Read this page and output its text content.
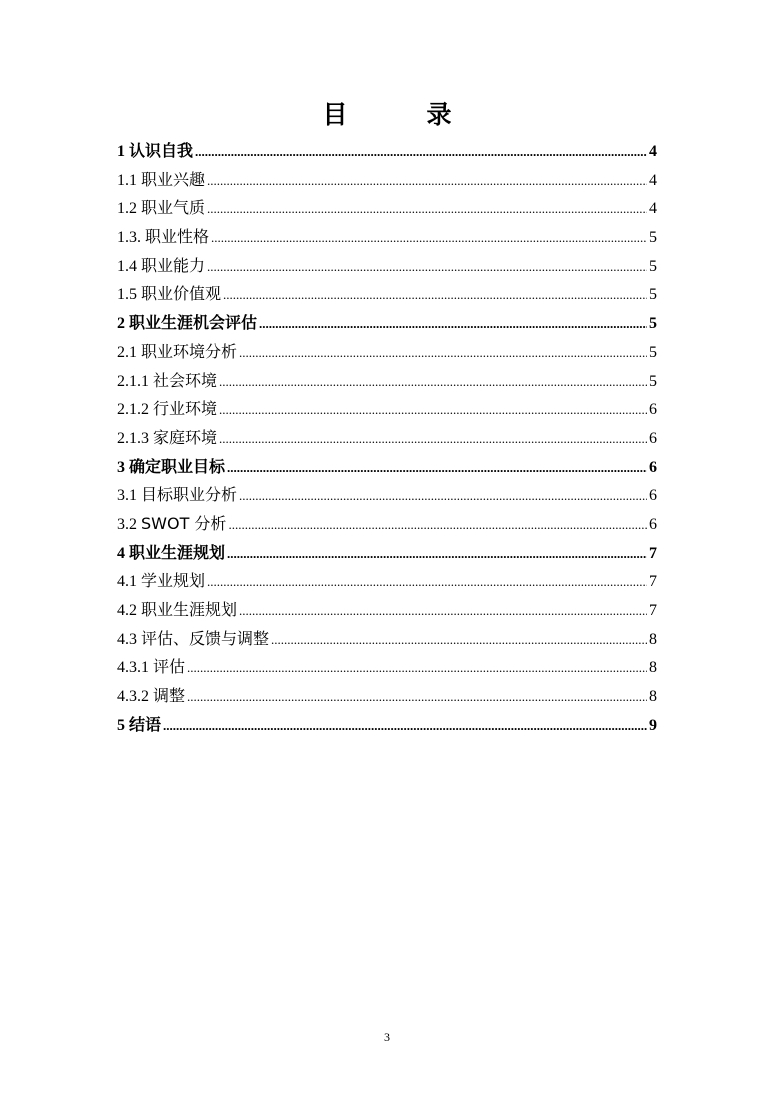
目　录
1 认识自我 .....	4
1.1 职业兴趣 .....	4
1.2 职业气质 .....	4
1.3. 职业性格 .....	5
1.4 职业能力 .....	5
1.5 职业价值观 .....	5
2 职业生涯机会评估 .....	5
2.1 职业环境分析 .....	5
2.1.1 社会环境 .....	5
2.1.2 行业环境 .....	6
2.1.3 家庭环境 .....	6
3 确定职业目标 .....	6
3.1 目标职业分析 .....	6
3.2 SWOT 分析 .....	6
4 职业生涯规划 .....	7
4.1 学业规划 .....	7
4.2 职业生涯规划 .....	7
4.3 评估、反馈与调整 .....	8
4.3.1 评估 .....	8
4.3.2 调整 .....	8
5 结语 .....	9
3
